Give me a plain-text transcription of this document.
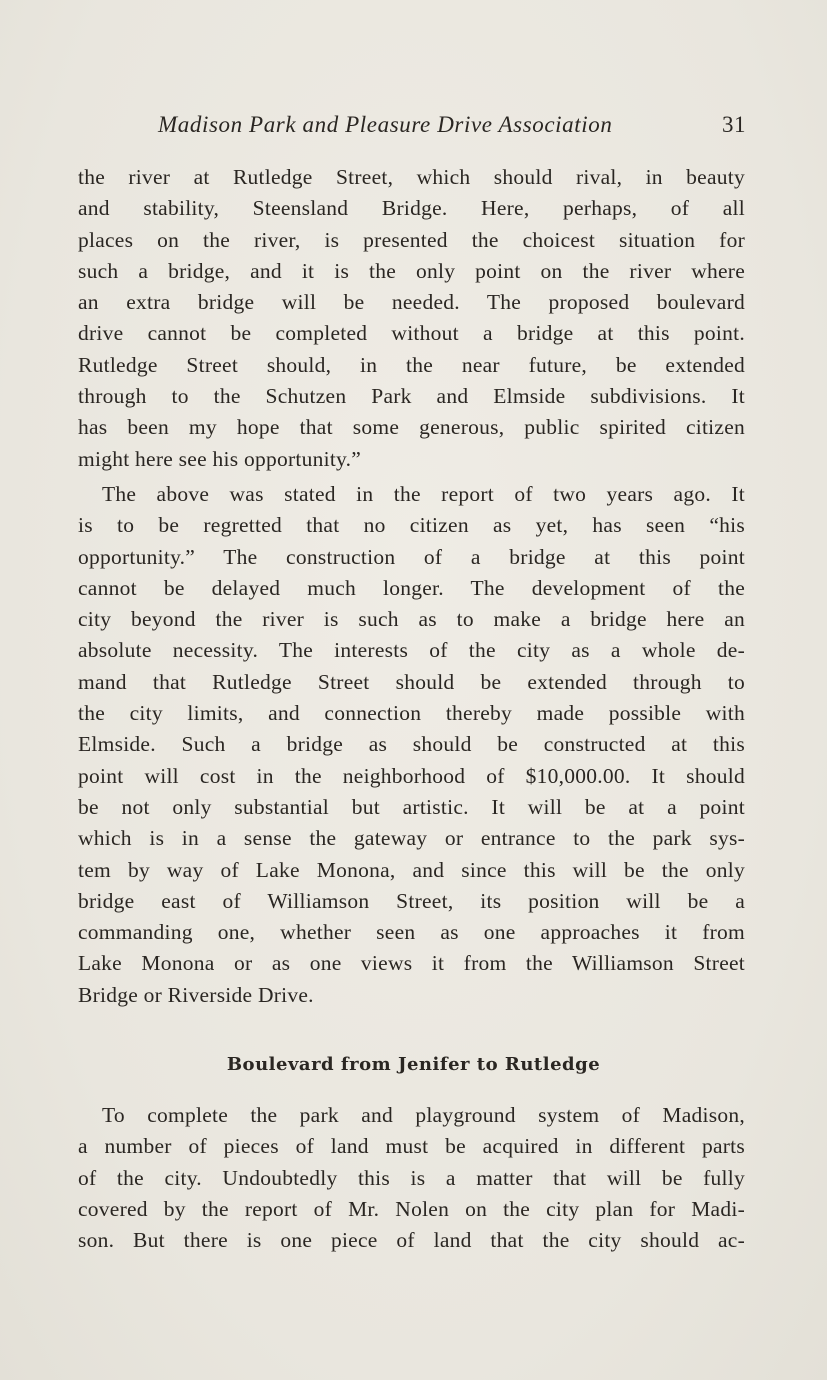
Madison Park and Pleasure Drive Association	31
the river at Rutledge Street, which should rival, in beauty
and stability, Steensland Bridge. Here, perhaps, of all
places on the river, is presented the choicest situation for
such a bridge, and it is the only point on the river where
an extra bridge will be needed. The proposed boulevard
drive cannot be completed without a bridge at this point.
Rutledge Street should, in the near future, be extended
through to the Schutzen Park and Elmside subdivisions. It
has been my hope that some generous, public spirited citizen
might here see his opportunity.”
The above was stated in the report of two years ago. It
is to be regretted that no citizen as yet, has seen “his
opportunity.” The construction of a bridge at this point
cannot be delayed much longer. The development of the
city beyond the river is such as to make a bridge here an
absolute necessity. The interests of the city as a whole de-
mand that Rutledge Street should be extended through to
the city limits, and connection thereby made possible with
Elmside. Such a bridge as should be constructed at this
point will cost in the neighborhood of $10,000.00. It should
be not only substantial but artistic. It will be at a point
which is in a sense the gateway or entrance to the park sys-
tem by way of Lake Monona, and since this will be the only
bridge east of Williamson Street, its position will be a
commanding one, whether seen as one approaches it from
Lake Monona or as one views it from the Williamson Street
Bridge or Riverside Drive.
Boulevard from Jenifer to Rutledge
To complete the park and playground system of Madison,
a number of pieces of land must be acquired in different parts
of the city. Undoubtedly this is a matter that will be fully
covered by the report of Mr. Nolen on the city plan for Madi-
son. But there is one piece of land that the city should ac-
